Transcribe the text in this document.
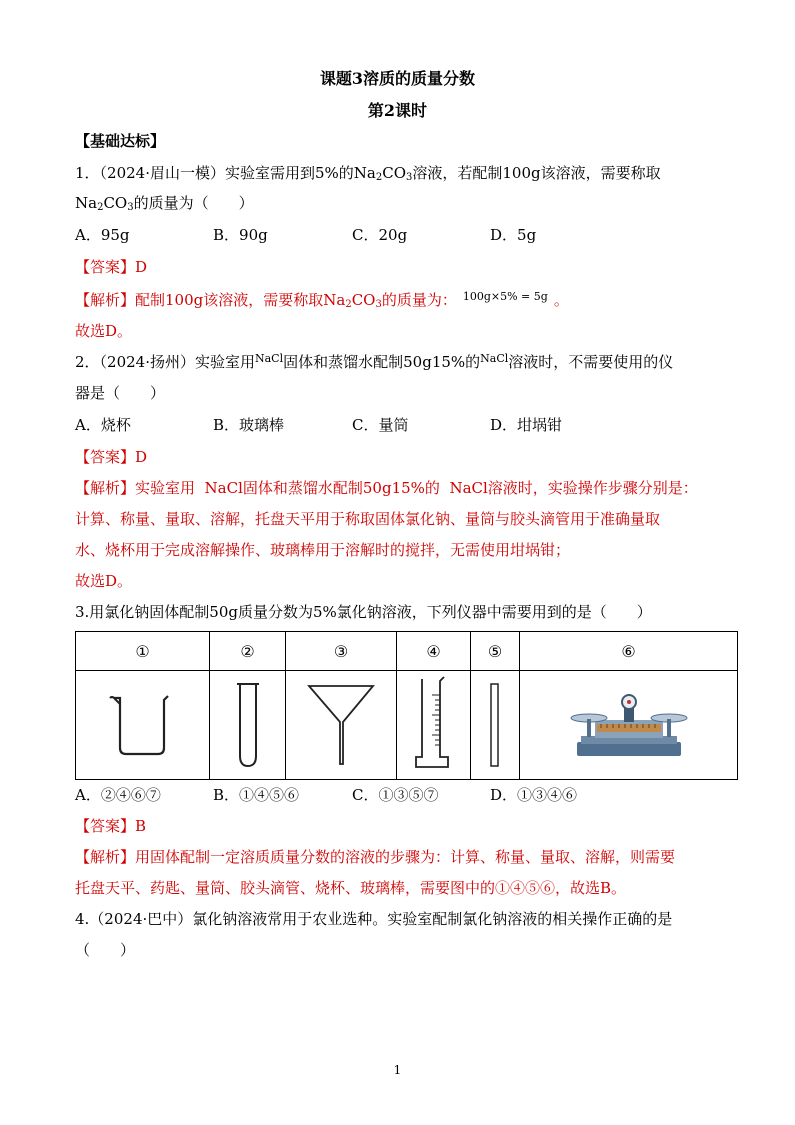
课题3溶质的质量分数
第2课时
【基础达标】
1．（2024·眉山一模）实验室需用到5%的$Na_2CO_3$溶液，若配制100g该溶液，需要称取
$Na_2CO_3$的质量为（　　）
A．95g	B．90g	C．20g	D．5g
【答案】D
【解析】配制100g该溶液，需要称取$Na_2CO_3$的质量为： $^{100g\times 5\% = 5g}$ 。
故选D。
2．（2024·扬州）实验室用$^{NaCl}$固体和蒸馏水配制50g15%的$^{NaCl}$溶液时，不需要使用的仪
器是（　　）
A．烧杯	B．玻璃棒	C．量筒	D．坩埚钳
【答案】D
【解析】实验室用  NaCl固体和蒸馏水配制50g15%的  NaCl溶液时，实验操作步骤分别是：
计算、称量、量取、溶解，托盘天平用于称取固体氯化钠、量筒与胶头滴管用于准确量取
水、烧杯用于完成溶解操作、玻璃棒用于溶解时的搅拌，无需使用坩埚钳；
故选D。
3.用氯化钠固体配制50g质量分数为5%氯化钠溶液，下列仪器中需要用到的是（　　）
①	②	③	④	⑤	⑥

A．②④⑥⑦	B．①④⑤⑥	C．①③⑤⑦	D．①③④⑥
【答案】B
【解析】用固体配制一定溶质质量分数的溶液的步骤为：计算、称量、量取、溶解，则需要
托盘天平、药匙、量筒、胶头滴管、烧杯、玻璃棒，需要图中的①④⑤⑥，故选B。
4.（2024·巴中）氯化钠溶液常用于农业选种。实验室配制氯化钠溶液的相关操作正确的是
（　　）
1
